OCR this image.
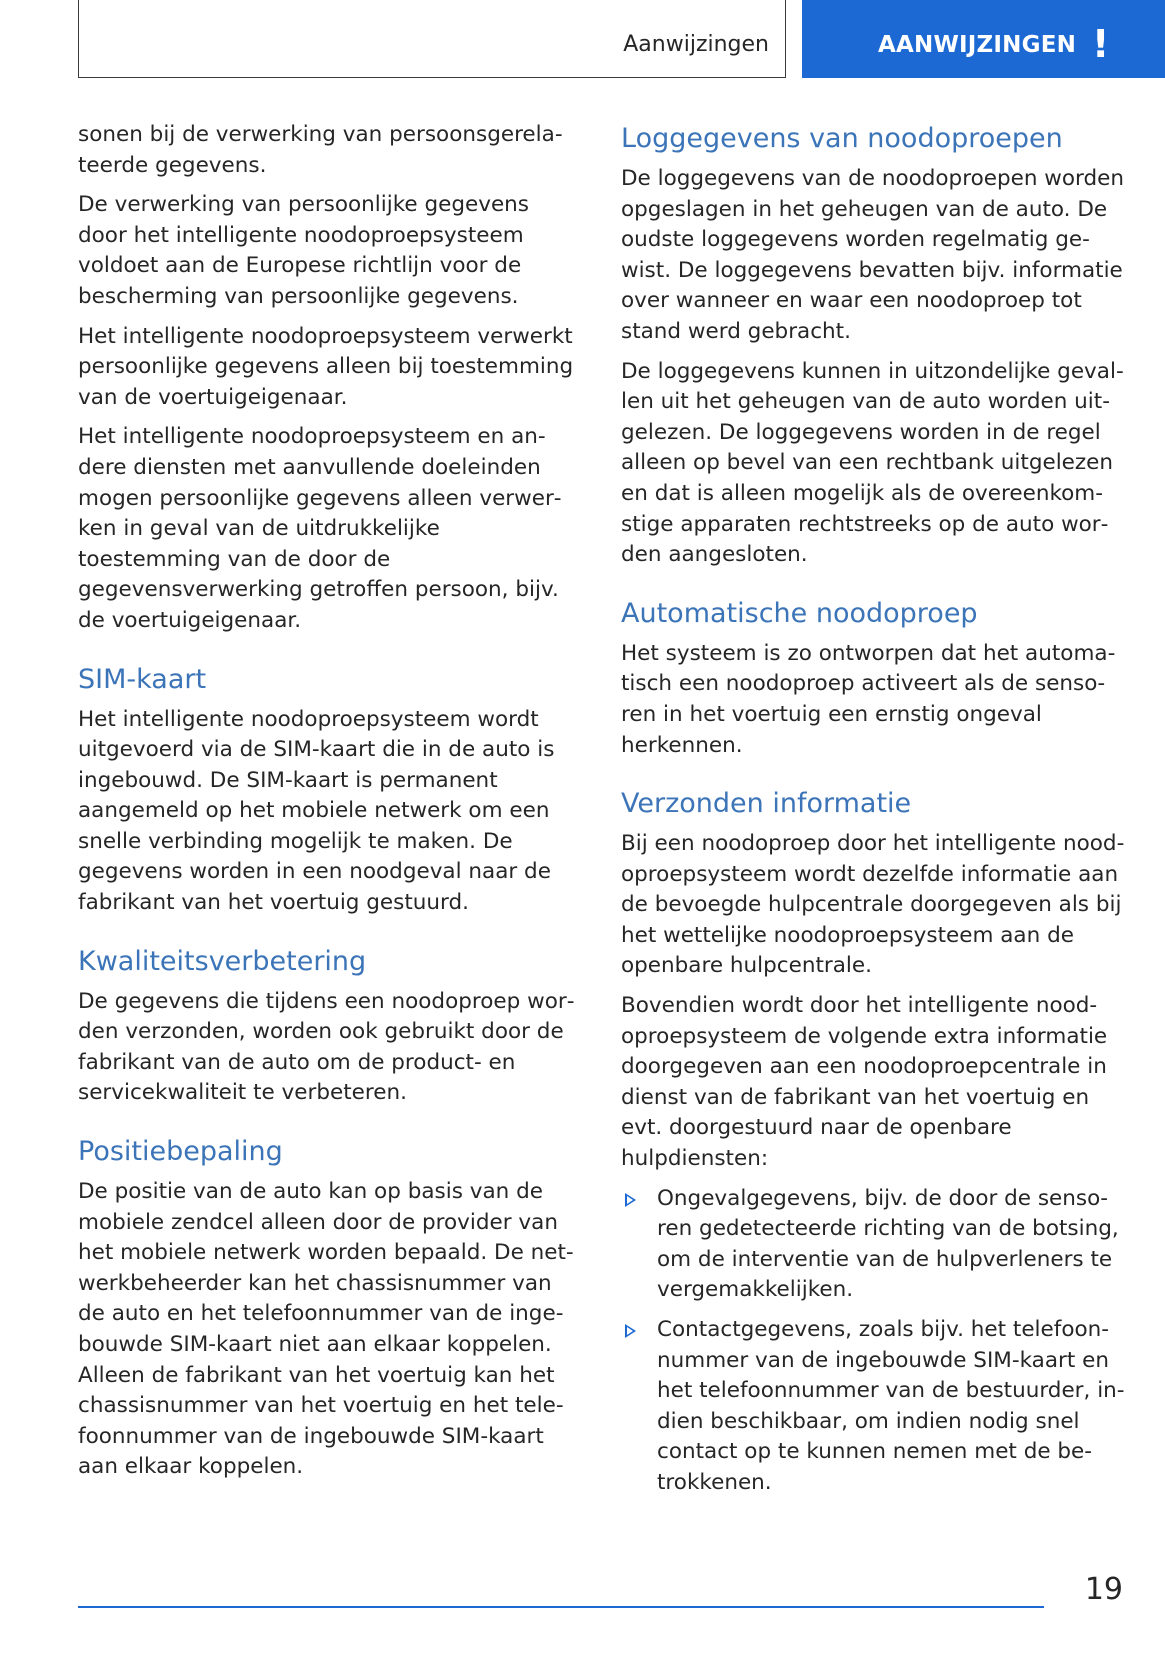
Aanwijzingen	AANWIJZINGEN !

sonen bij de verwerking van persoonsgerelateerde gegevens.

De verwerking van persoonlijke gegevens door het intelligente noodoproepsysteem voldoet aan de Europese richtlijn voor de bescherming van persoonlijke gegevens.

Het intelligente noodoproepsysteem verwerkt persoonlijke gegevens alleen bij toestemming van de voertuigeigenaar.

Het intelligente noodoproepsysteem en andere diensten met aanvullende doeleinden mogen persoonlijke gegevens alleen verwerken in geval van de uitdrukkelijke toestemming van de door de gegevensverwerking getroffen persoon, bijv. de voertuigeigenaar.

SIM-kaart

Het intelligente noodoproepsysteem wordt uitgevoerd via de SIM-kaart die in de auto is ingebouwd. De SIM-kaart is permanent aangemeld op het mobiele netwerk om een snelle verbinding mogelijk te maken. De gegevens worden in een noodgeval naar de fabrikant van het voertuig gestuurd.

Kwaliteitsverbetering

De gegevens die tijdens een noodoproep worden verzonden, worden ook gebruikt door de fabrikant van de auto om de product- en servicekwaliteit te verbeteren.

Positiebepaling

De positie van de auto kan op basis van de mobiele zendcel alleen door de provider van het mobiele netwerk worden bepaald. De netwerkbeheerder kan het chassisnummer van de auto en het telefoonnummer van de ingebouwde SIM-kaart niet aan elkaar koppelen. Alleen de fabrikant van het voertuig kan het chassisnummer van het voertuig en het telefoonnummer van de ingebouwde SIM-kaart aan elkaar koppelen.

Loggegevens van noodoproepen

De loggegevens van de noodoproepen worden opgeslagen in het geheugen van de auto. De oudste loggegevens worden regelmatig gewist. De loggegevens bevatten bijv. informatie over wanneer en waar een noodoproep tot stand werd gebracht.

De loggegevens kunnen in uitzondelijke gevallen uit het geheugen van de auto worden uitgelezen. De loggegevens worden in de regel alleen op bevel van een rechtbank uitgelezen en dat is alleen mogelijk als de overeenkomstige apparaten rechtstreeks op de auto worden aangesloten.

Automatische noodoproep

Het systeem is zo ontworpen dat het automatisch een noodoproep activeert als de sensoren in het voertuig een ernstig ongeval herkennen.

Verzonden informatie

Bij een noodoproep door het intelligente noodoproepsysteem wordt dezelfde informatie aan de bevoegde hulpcentrale doorgegeven als bij het wettelijke noodoproepsysteem aan de openbare hulpcentrale.

Bovendien wordt door het intelligente noodoproepsysteem de volgende extra informatie doorgegeven aan een noodoproepcentrale in dienst van de fabrikant van het voertuig en evt. doorgestuurd naar de openbare hulpdiensten:

Ongevalgegevens, bijv. de door de sensoren gedetecteerde richting van de botsing, om de interventie van de hulpverleners te vergemakkelijken.
Contactgegevens, zoals bijv. het telefoonnummer van de ingebouwde SIM-kaart en het telefoonnummer van de bestuurder, indien beschikbaar, om indien nodig snel contact op te kunnen nemen met de betrokkenen.
19
